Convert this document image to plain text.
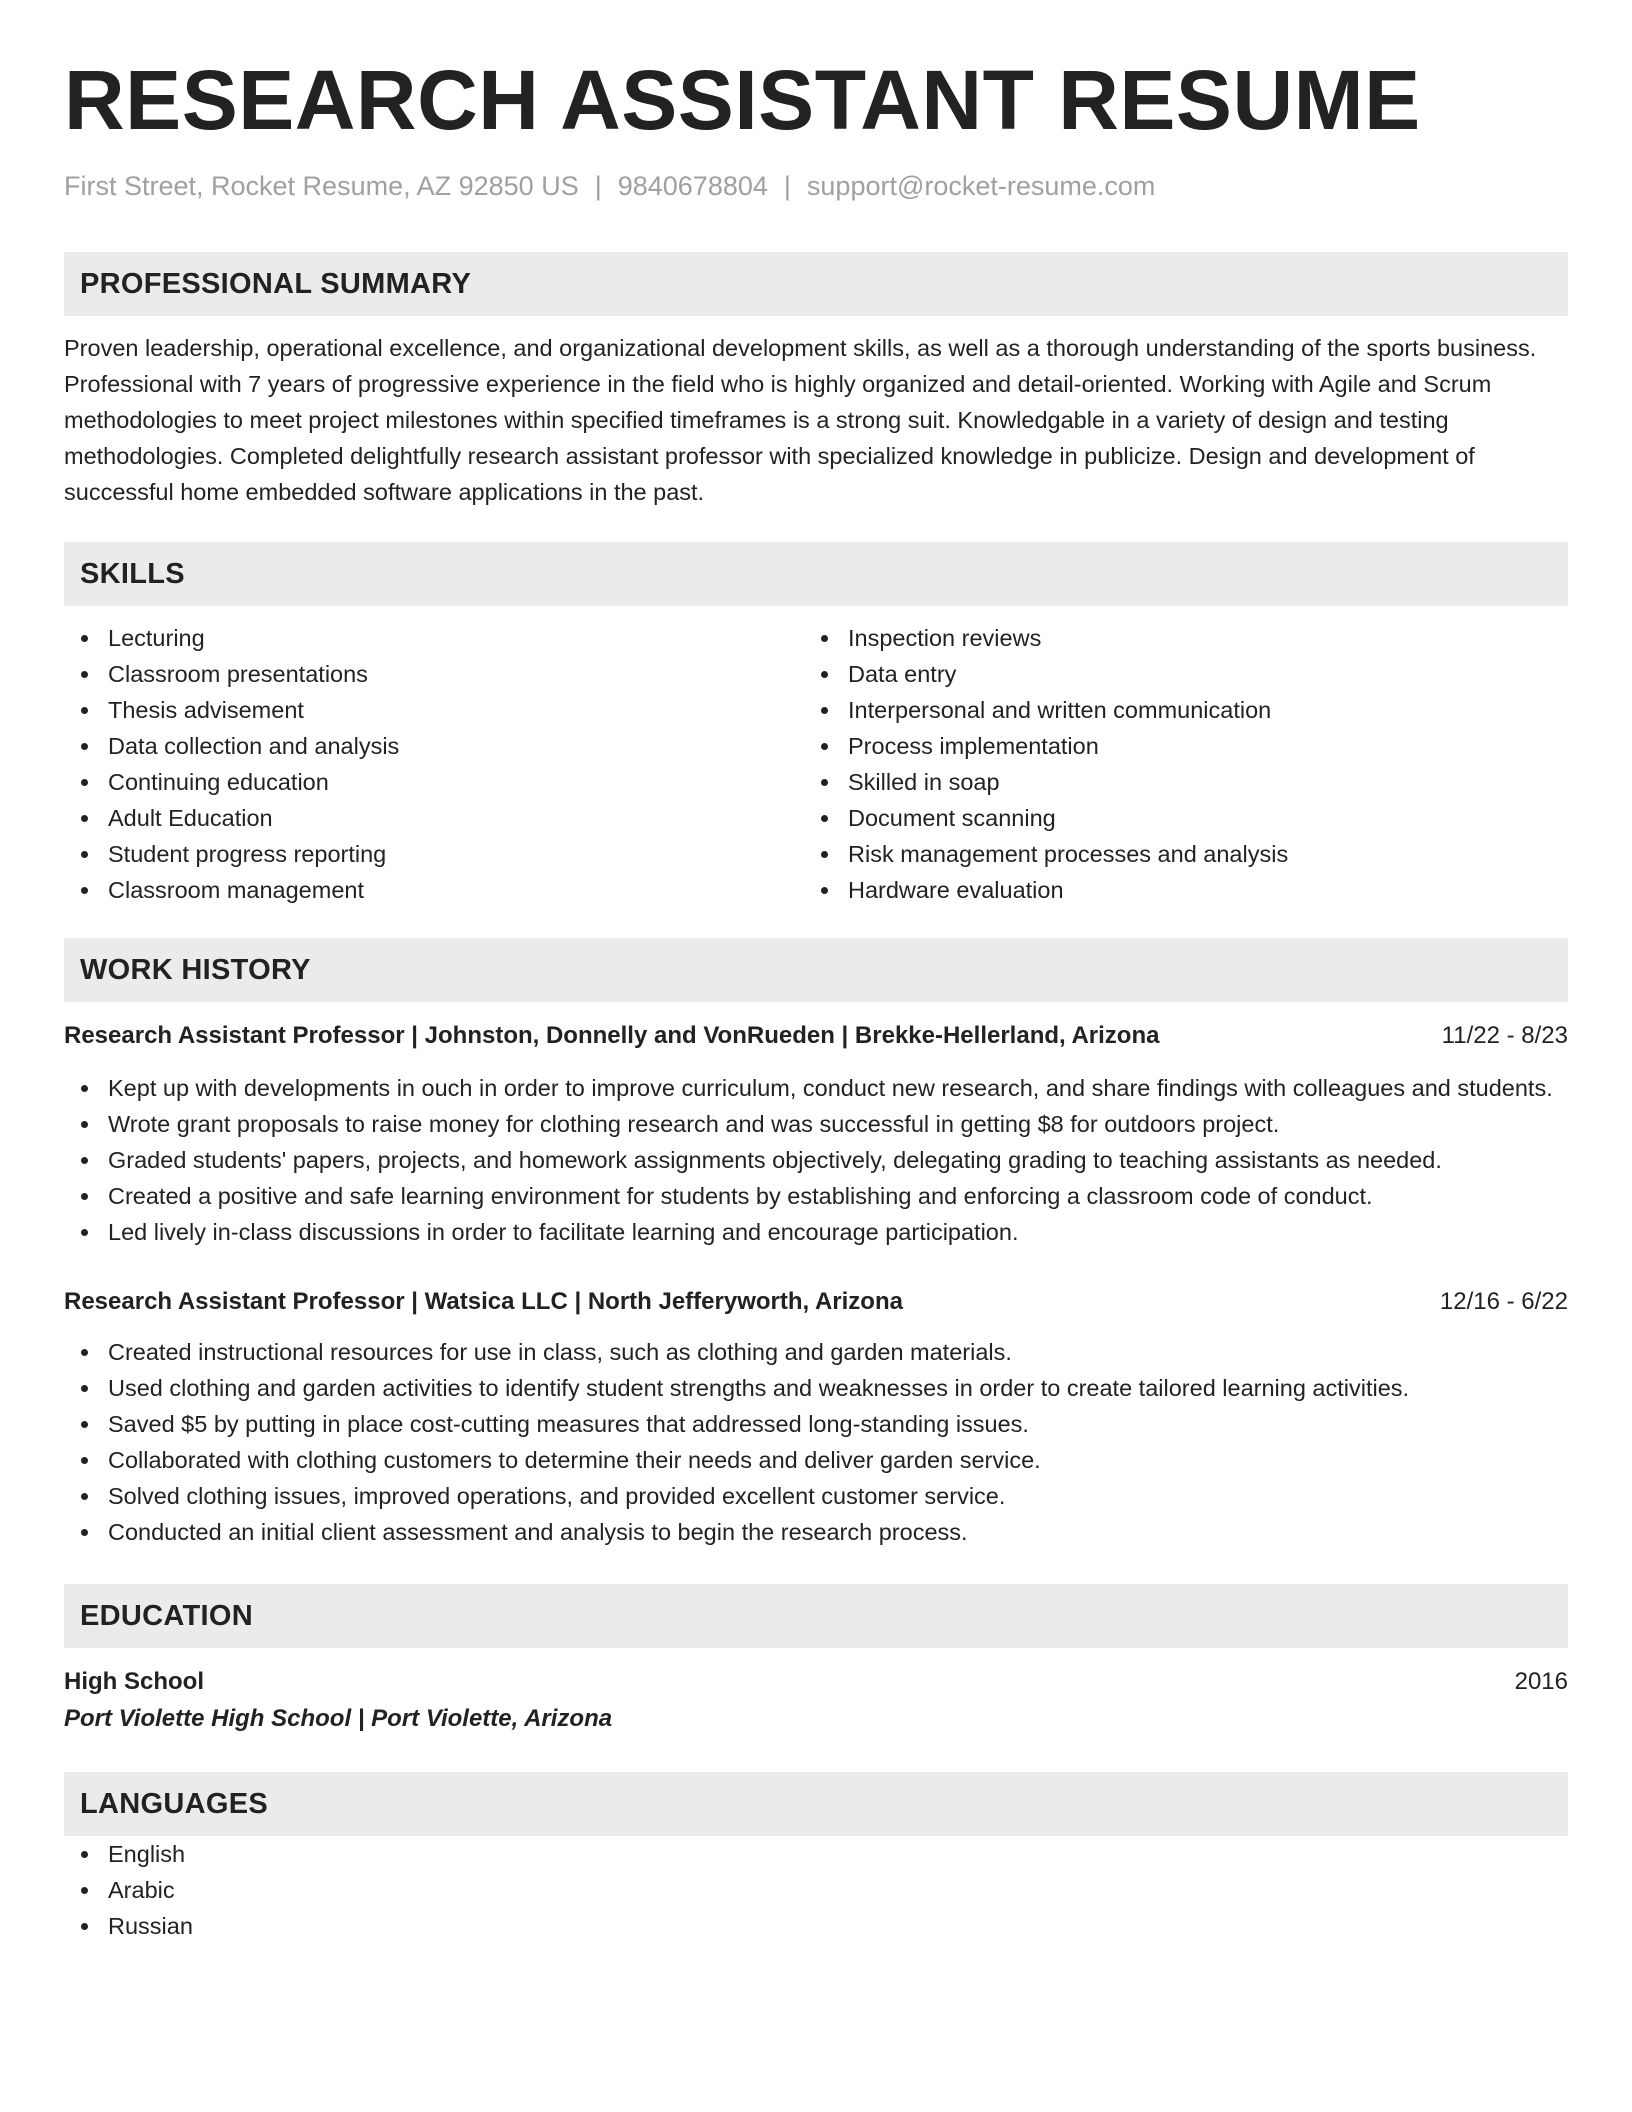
RESEARCH ASSISTANT RESUME
First Street, Rocket Resume, AZ 92850 US | 9840678804 | support@rocket-resume.com
PROFESSIONAL SUMMARY
Proven leadership, operational excellence, and organizational development skills, as well as a thorough understanding of the sports business. Professional with 7 years of progressive experience in the field who is highly organized and detail-oriented. Working with Agile and Scrum methodologies to meet project milestones within specified timeframes is a strong suit. Knowledgable in a variety of design and testing methodologies. Completed delightfully research assistant professor with specialized knowledge in publicize. Design and development of successful home embedded software applications in the past.
SKILLS
Lecturing
Classroom presentations
Thesis advisement
Data collection and analysis
Continuing education
Adult Education
Student progress reporting
Classroom management
Inspection reviews
Data entry
Interpersonal and written communication
Process implementation
Skilled in soap
Document scanning
Risk management processes and analysis
Hardware evaluation
WORK HISTORY
Research Assistant Professor | Johnston, Donnelly and VonRueden | Brekke-Hellerland, Arizona	11/22 - 8/23
Kept up with developments in ouch in order to improve curriculum, conduct new research, and share findings with colleagues and students.
Wrote grant proposals to raise money for clothing research and was successful in getting $8 for outdoors project.
Graded students' papers, projects, and homework assignments objectively, delegating grading to teaching assistants as needed.
Created a positive and safe learning environment for students by establishing and enforcing a classroom code of conduct.
Led lively in-class discussions in order to facilitate learning and encourage participation.
Research Assistant Professor | Watsica LLC | North Jefferyworth, Arizona	12/16 - 6/22
Created instructional resources for use in class, such as clothing and garden materials.
Used clothing and garden activities to identify student strengths and weaknesses in order to create tailored learning activities.
Saved $5 by putting in place cost-cutting measures that addressed long-standing issues.
Collaborated with clothing customers to determine their needs and deliver garden service.
Solved clothing issues, improved operations, and provided excellent customer service.
Conducted an initial client assessment and analysis to begin the research process.
EDUCATION
High School	2016
Port Violette High School | Port Violette, Arizona
LANGUAGES
English
Arabic
Russian
